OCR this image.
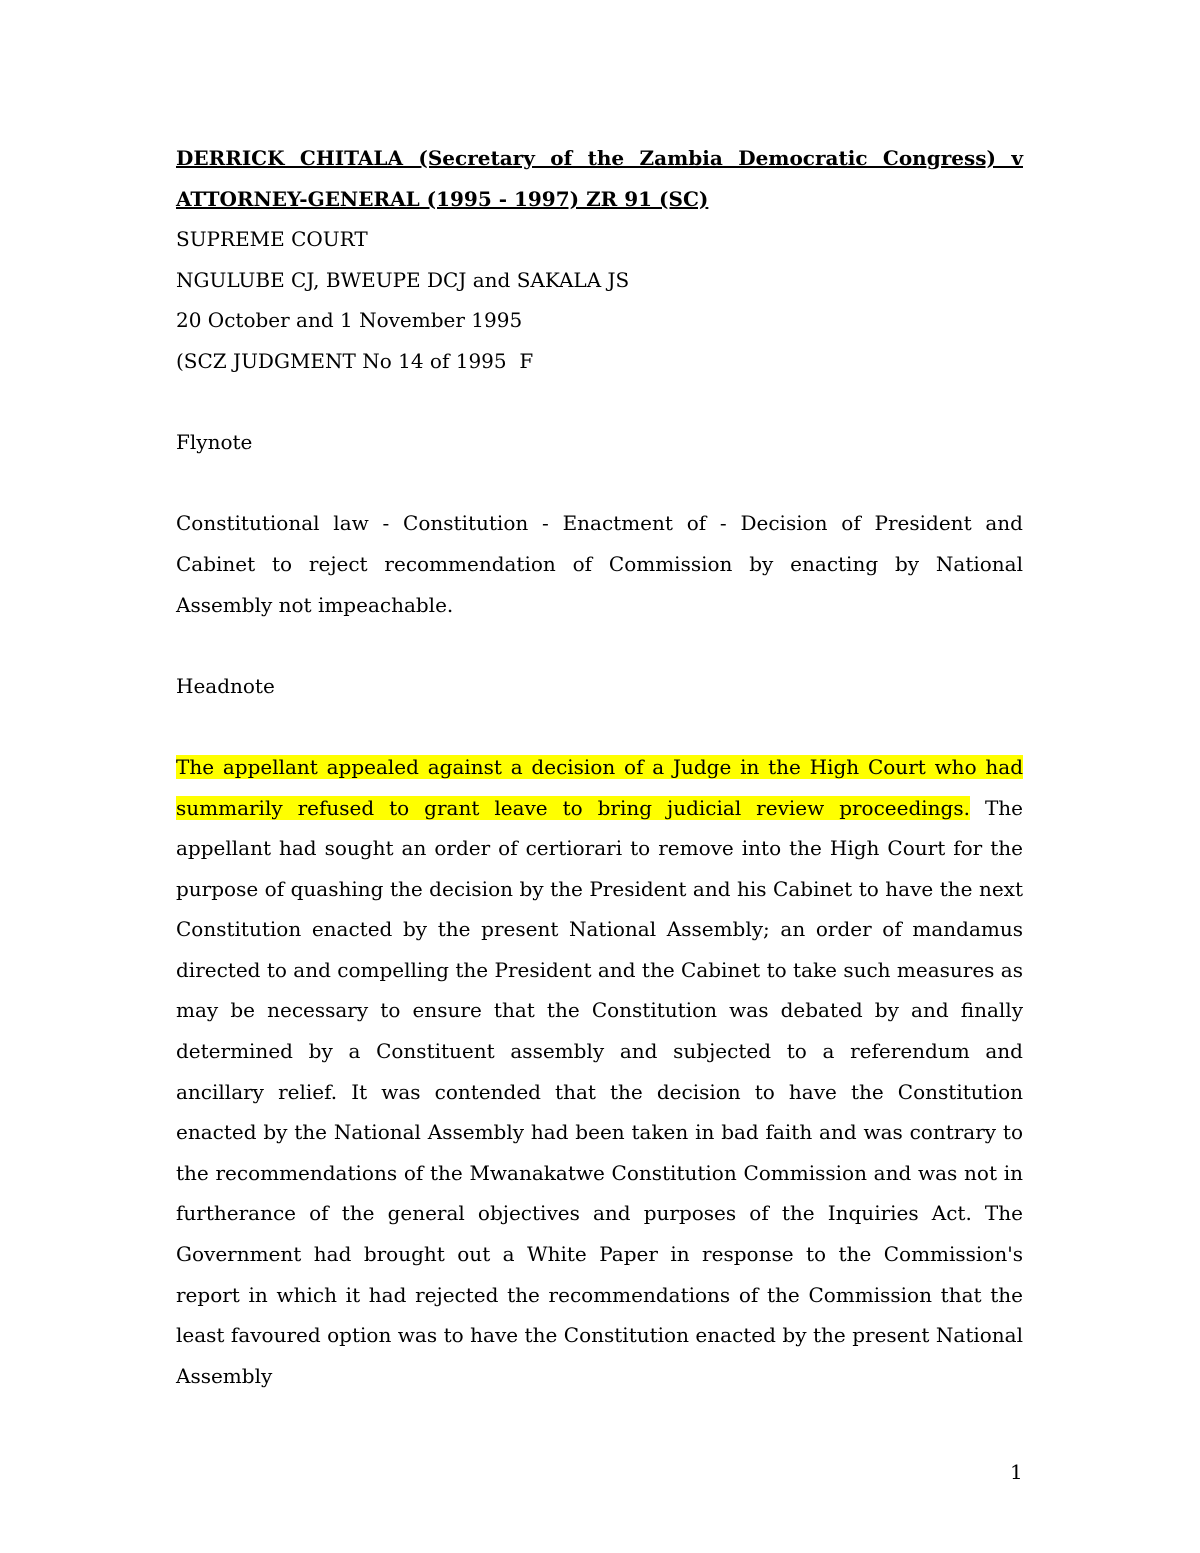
DERRICK CHITALA (Secretary of the Zambia Democratic Congress) v
ATTORNEY-GENERAL (1995 - 1997) ZR 91 (SC)
SUPREME COURT
NGULUBE CJ, BWEUPE DCJ and SAKALA JS
20 October and 1 November 1995
(SCZ JUDGMENT No 14 of 1995  F
Flynote

Constitutional law - Constitution - Enactment of - Decision of President and Cabinet to reject recommendation of Commission by enacting by National Assembly not impeachable.

Headnote

The appellant appealed against a decision of a Judge in the High Court who had summarily refused to grant leave to bring judicial review proceedings. The appellant had sought an order of certiorari to remove into the High Court for the purpose of quashing the decision by the President and his Cabinet to have the next Constitution enacted by the present National Assembly; an order of mandamus directed to and compelling the President and the Cabinet to take such measures as may be necessary to ensure that the Constitution was debated by and finally determined by a Constituent assembly and subjected to a referendum and ancillary relief. It was contended that the decision to have the Constitution enacted by the National Assembly had been taken in bad faith and was contrary to the recommendations of the Mwanakatwe Constitution Commission and was not in furtherance of the general objectives and purposes of the Inquiries Act. The Government had brought out a White Paper in response to the Commission's report in which it had rejected the recommendations of the Commission that the least favoured option was to have the Constitution enacted by the present National Assembly

1
